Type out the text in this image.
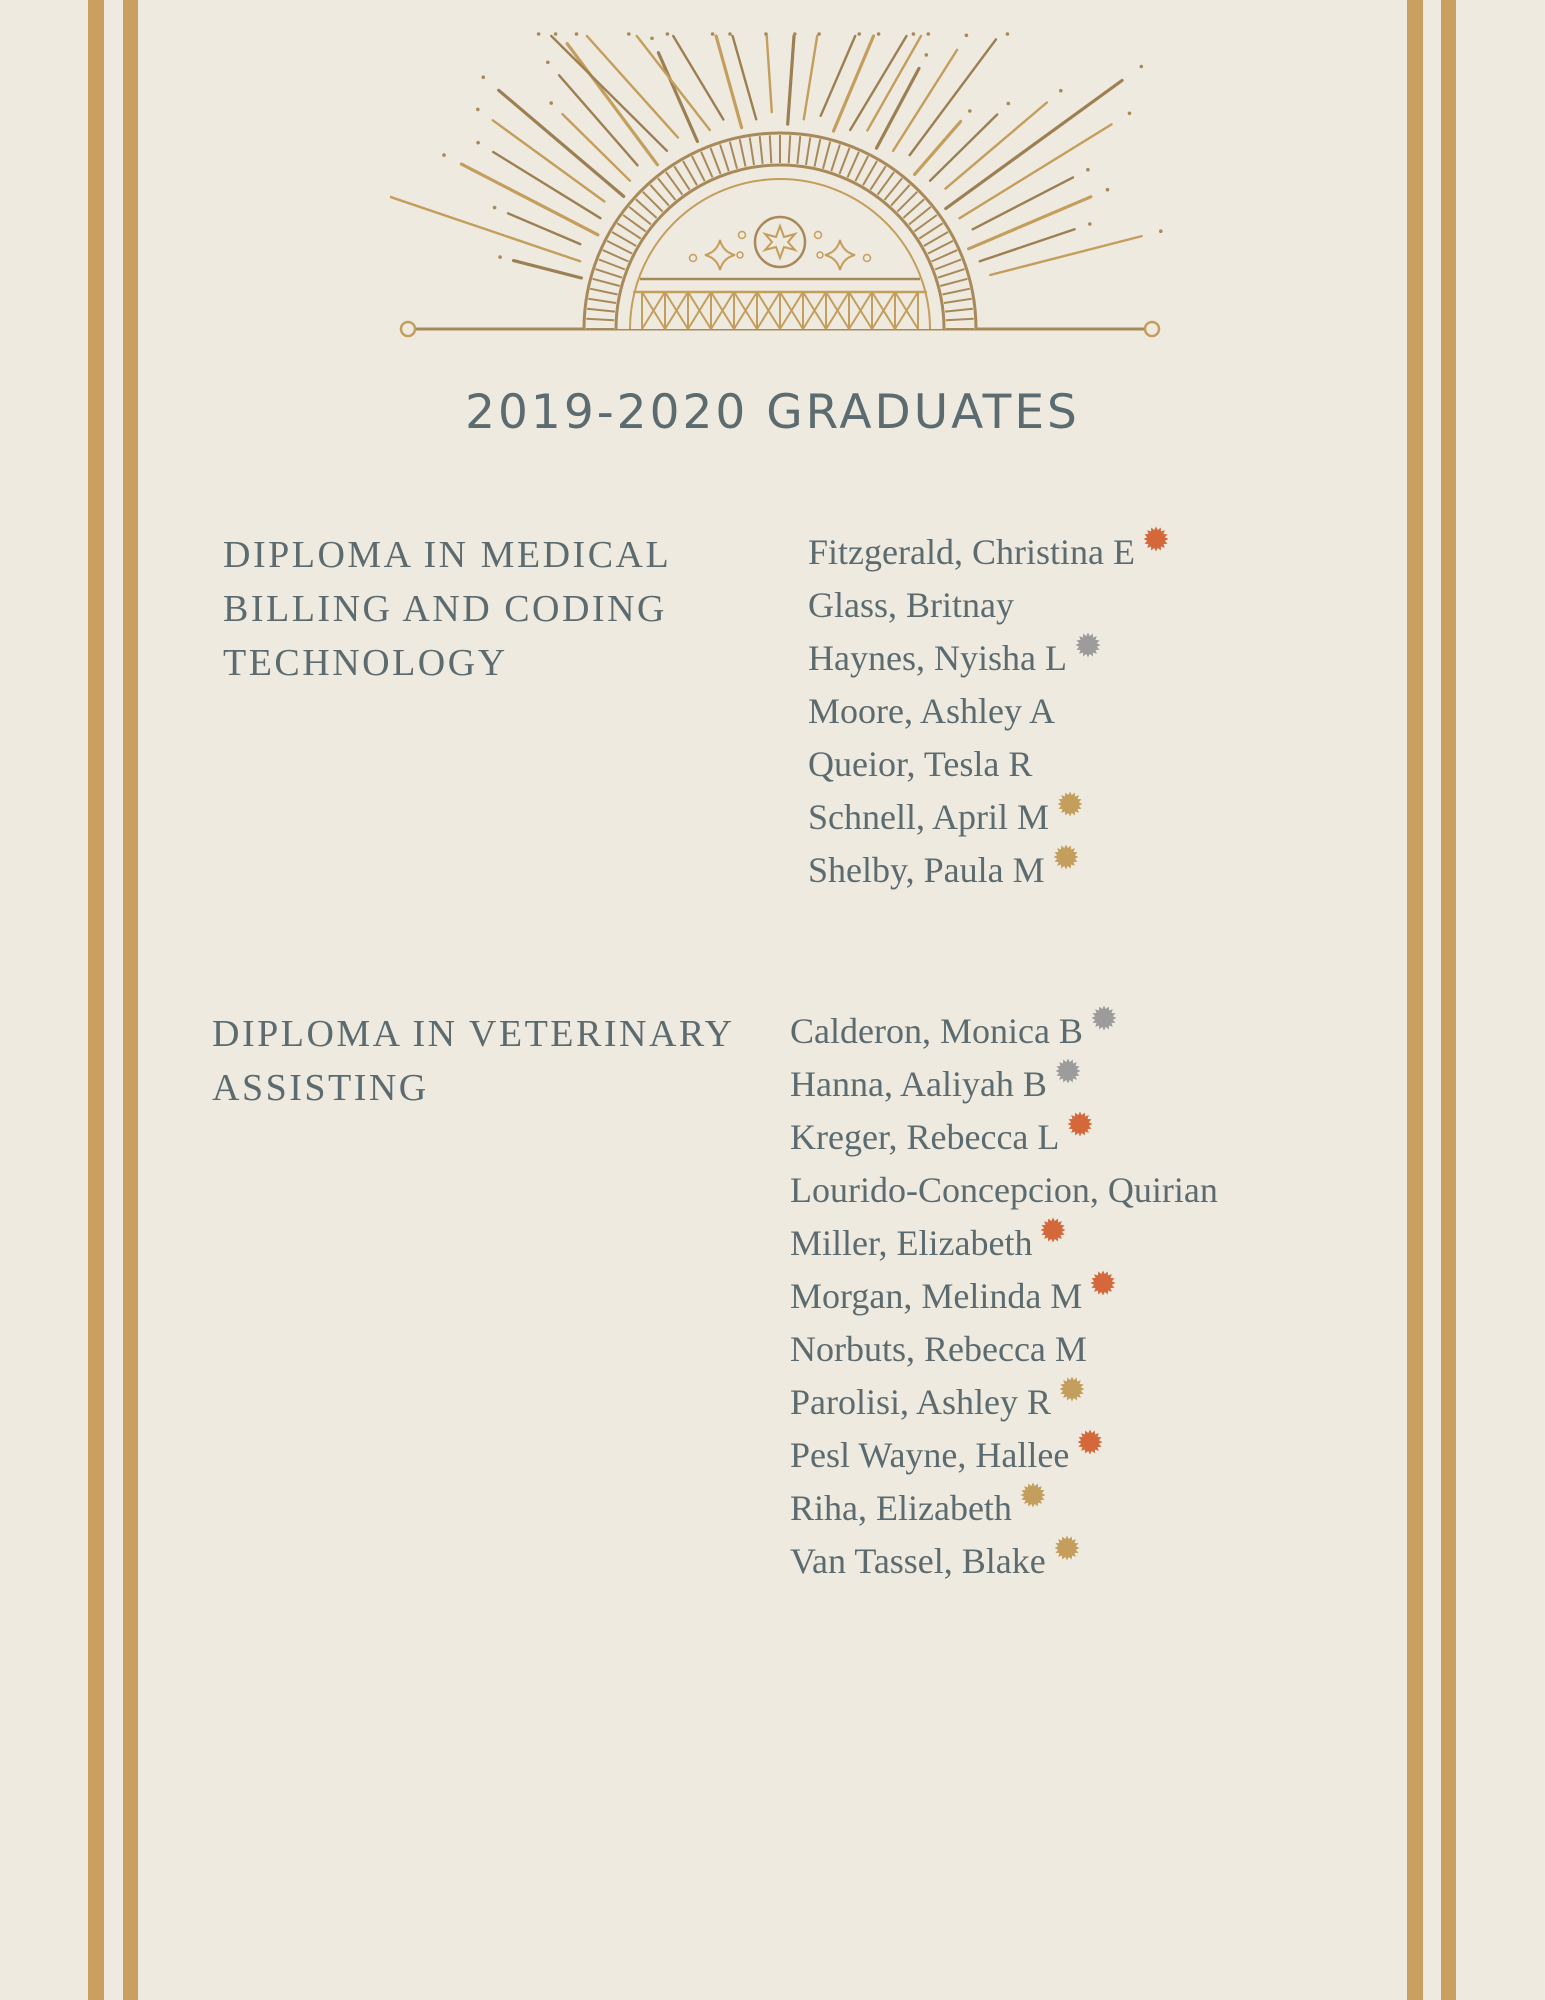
2019-2020 GRADUATES
DIPLOMA IN MEDICAL BILLING AND CODING TECHNOLOGY
Fitzgerald, Christina E
Glass, Britnay
Haynes, Nyisha L
Moore, Ashley A
Queior, Tesla R
Schnell, April M
Shelby, Paula M
DIPLOMA IN VETERINARY ASSISTING
Calderon, Monica B
Hanna, Aaliyah B
Kreger, Rebecca L
Lourido-Concepcion, Quirian
Miller, Elizabeth
Morgan, Melinda M
Norbuts, Rebecca M
Parolisi, Ashley R
Pesl Wayne, Hallee
Riha, Elizabeth
Van Tassel, Blake
